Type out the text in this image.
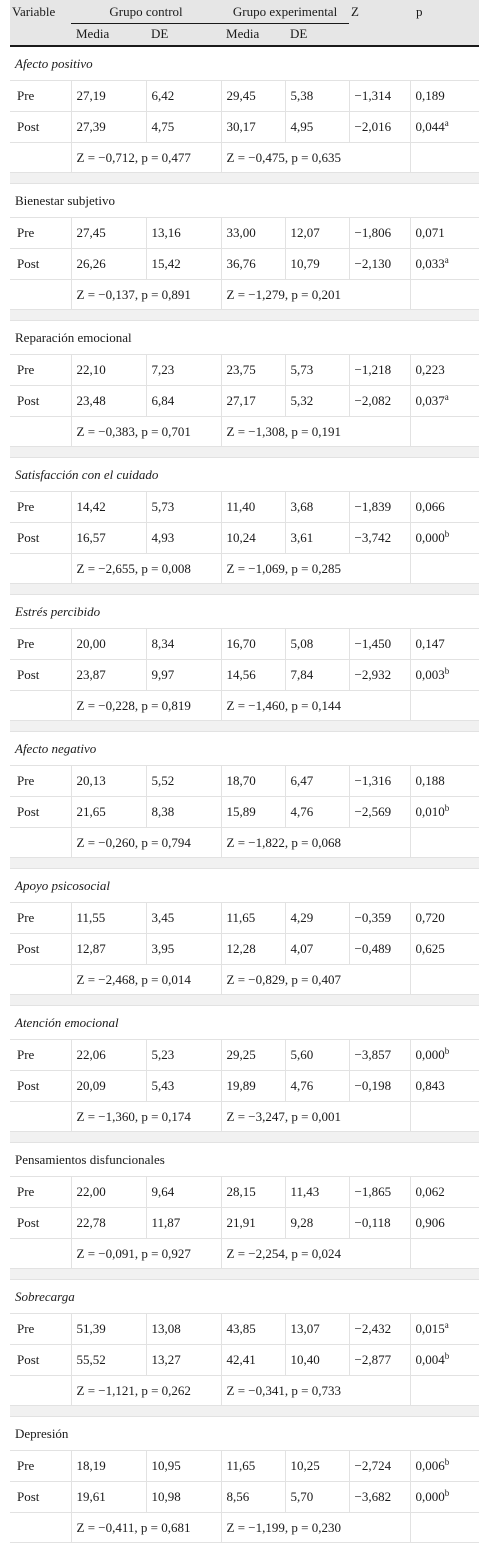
Variable	Grupo control		Grupo experimental		Z	p
	Media	DE	Media	DE		
Afecto positivo						
Pre	27,19	6,42	29,45	5,38	−1,314	0,189
Post	27,39	4,75	30,17	4,95	−2,016	0,044$^a$
	Z = −0,712, p = 0,477		Z = −0,475, p = 0,635			

Bienestar subjetivo						
Pre	27,45	13,16	33,00	12,07	−1,806	0,071
Post	26,26	15,42	36,76	10,79	−2,130	0,033$^a$
	Z = −0,137, p = 0,891		Z = −1,279, p = 0,201			

Reparación emocional						
Pre	22,10	7,23	23,75	5,73	−1,218	0,223
Post	23,48	6,84	27,17	5,32	−2,082	0,037$^a$
	Z = −0,383, p = 0,701		Z = −1,308, p = 0,191			

Satisfacción con el cuidado						
Pre	14,42	5,73	11,40	3,68	−1,839	0,066
Post	16,57	4,93	10,24	3,61	−3,742	0,000$^b$
	Z = −2,655, p = 0,008		Z = −1,069, p = 0,285			

Estrés percibido						
Pre	20,00	8,34	16,70	5,08	−1,450	0,147
Post	23,87	9,97	14,56	7,84	−2,932	0,003$^b$
	Z = −0,228, p = 0,819		Z = −1,460, p = 0,144			

Afecto negativo						
Pre	20,13	5,52	18,70	6,47	−1,316	0,188
Post	21,65	8,38	15,89	4,76	−2,569	0,010$^b$
	Z = −0,260, p = 0,794		Z = −1,822, p = 0,068			

Apoyo psicosocial						
Pre	11,55	3,45	11,65	4,29	−0,359	0,720
Post	12,87	3,95	12,28	4,07	−0,489	0,625
	Z = −2,468, p = 0,014		Z = −0,829, p = 0,407			

Atención emocional						
Pre	22,06	5,23	29,25	5,60	−3,857	0,000$^b$
Post	20,09	5,43	19,89	4,76	−0,198	0,843
	Z = −1,360, p = 0,174		Z = −3,247, p = 0,001			

Pensamientos disfuncionales						
Pre	22,00	9,64	28,15	11,43	−1,865	0,062
Post	22,78	11,87	21,91	9,28	−0,118	0,906
	Z = −0,091, p = 0,927		Z = −2,254, p = 0,024			

Sobrecarga						
Pre	51,39	13,08	43,85	13,07	−2,432	0,015$^a$
Post	55,52	13,27	42,41	10,40	−2,877	0,004$^b$
	Z = −1,121, p = 0,262		Z = −0,341, p = 0,733			

Depresión						
Pre	18,19	10,95	11,65	10,25	−2,724	0,006$^b$
Post	19,61	10,98	8,56	5,70	−3,682	0,000$^b$
	Z = −0,411, p = 0,681		Z = −1,199, p = 0,230			
